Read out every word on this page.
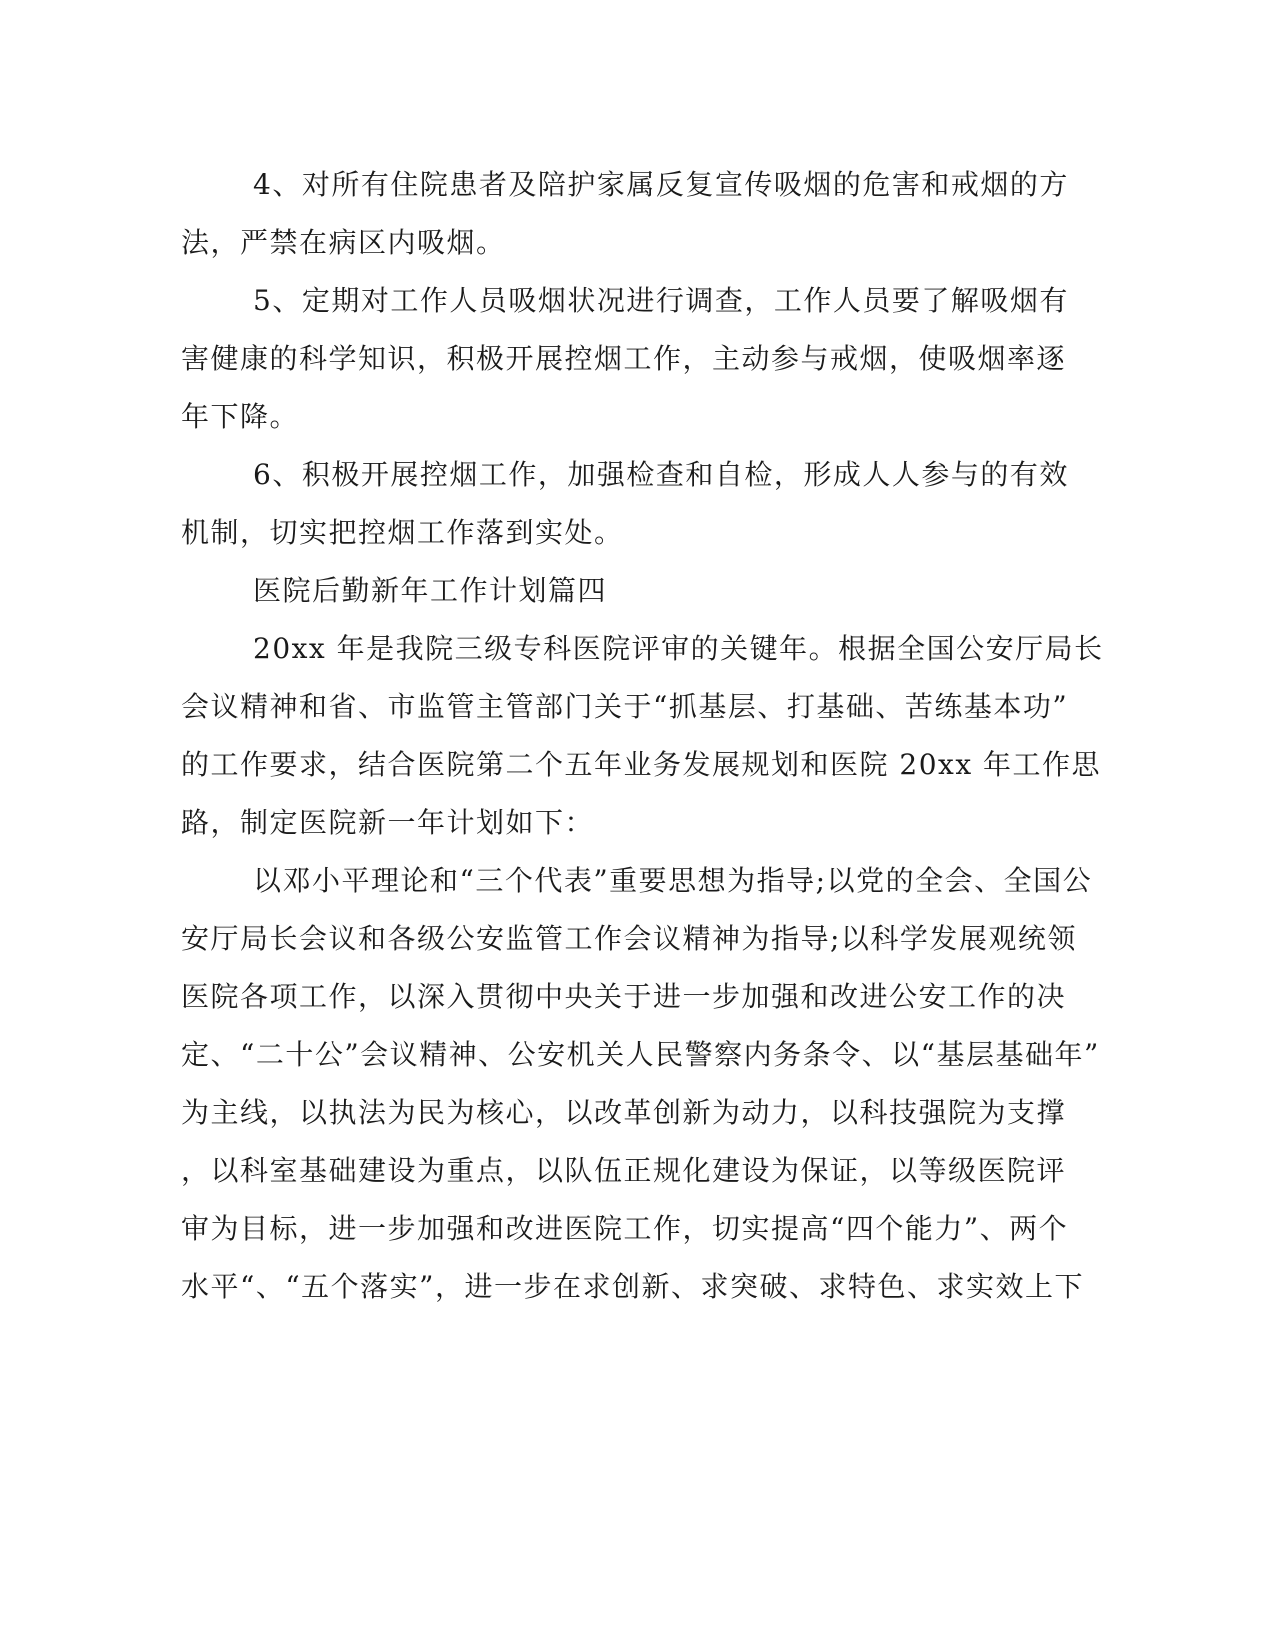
4、对所有住院患者及陪护家属反复宣传吸烟的危害和戒烟的方

法，严禁在病区内吸烟。

5、定期对工作人员吸烟状况进行调查，工作人员要了解吸烟有

害健康的科学知识，积极开展控烟工作，主动参与戒烟，使吸烟率逐

年下降。

6、积极开展控烟工作，加强检查和自检，形成人人参与的有效

机制，切实把控烟工作落到实处。

医院后勤新年工作计划篇四

20xx 年是我院三级专科医院评审的关键年。根据全国公安厅局长

会议精神和省、市监管主管部门关于“抓基层、打基础、苦练基本功”

的工作要求，结合医院第二个五年业务发展规划和医院 20xx 年工作思

路，制定医院新一年计划如下：

以邓小平理论和“三个代表”重要思想为指导;以党的全会、全国公

安厅局长会议和各级公安监管工作会议精神为指导;以科学发展观统领

医院各项工作，以深入贯彻中央关于进一步加强和改进公安工作的决

定、“二十公”会议精神、公安机关人民警察内务条令、以“基层基础年”

为主线，以执法为民为核心，以改革创新为动力，以科技强院为支撑

，以科室基础建设为重点，以队伍正规化建设为保证，以等级医院评

审为目标，进一步加强和改进医院工作，切实提高“四个能力”、两个

水平“、“五个落实”，进一步在求创新、求突破、求特色、求实效上下
